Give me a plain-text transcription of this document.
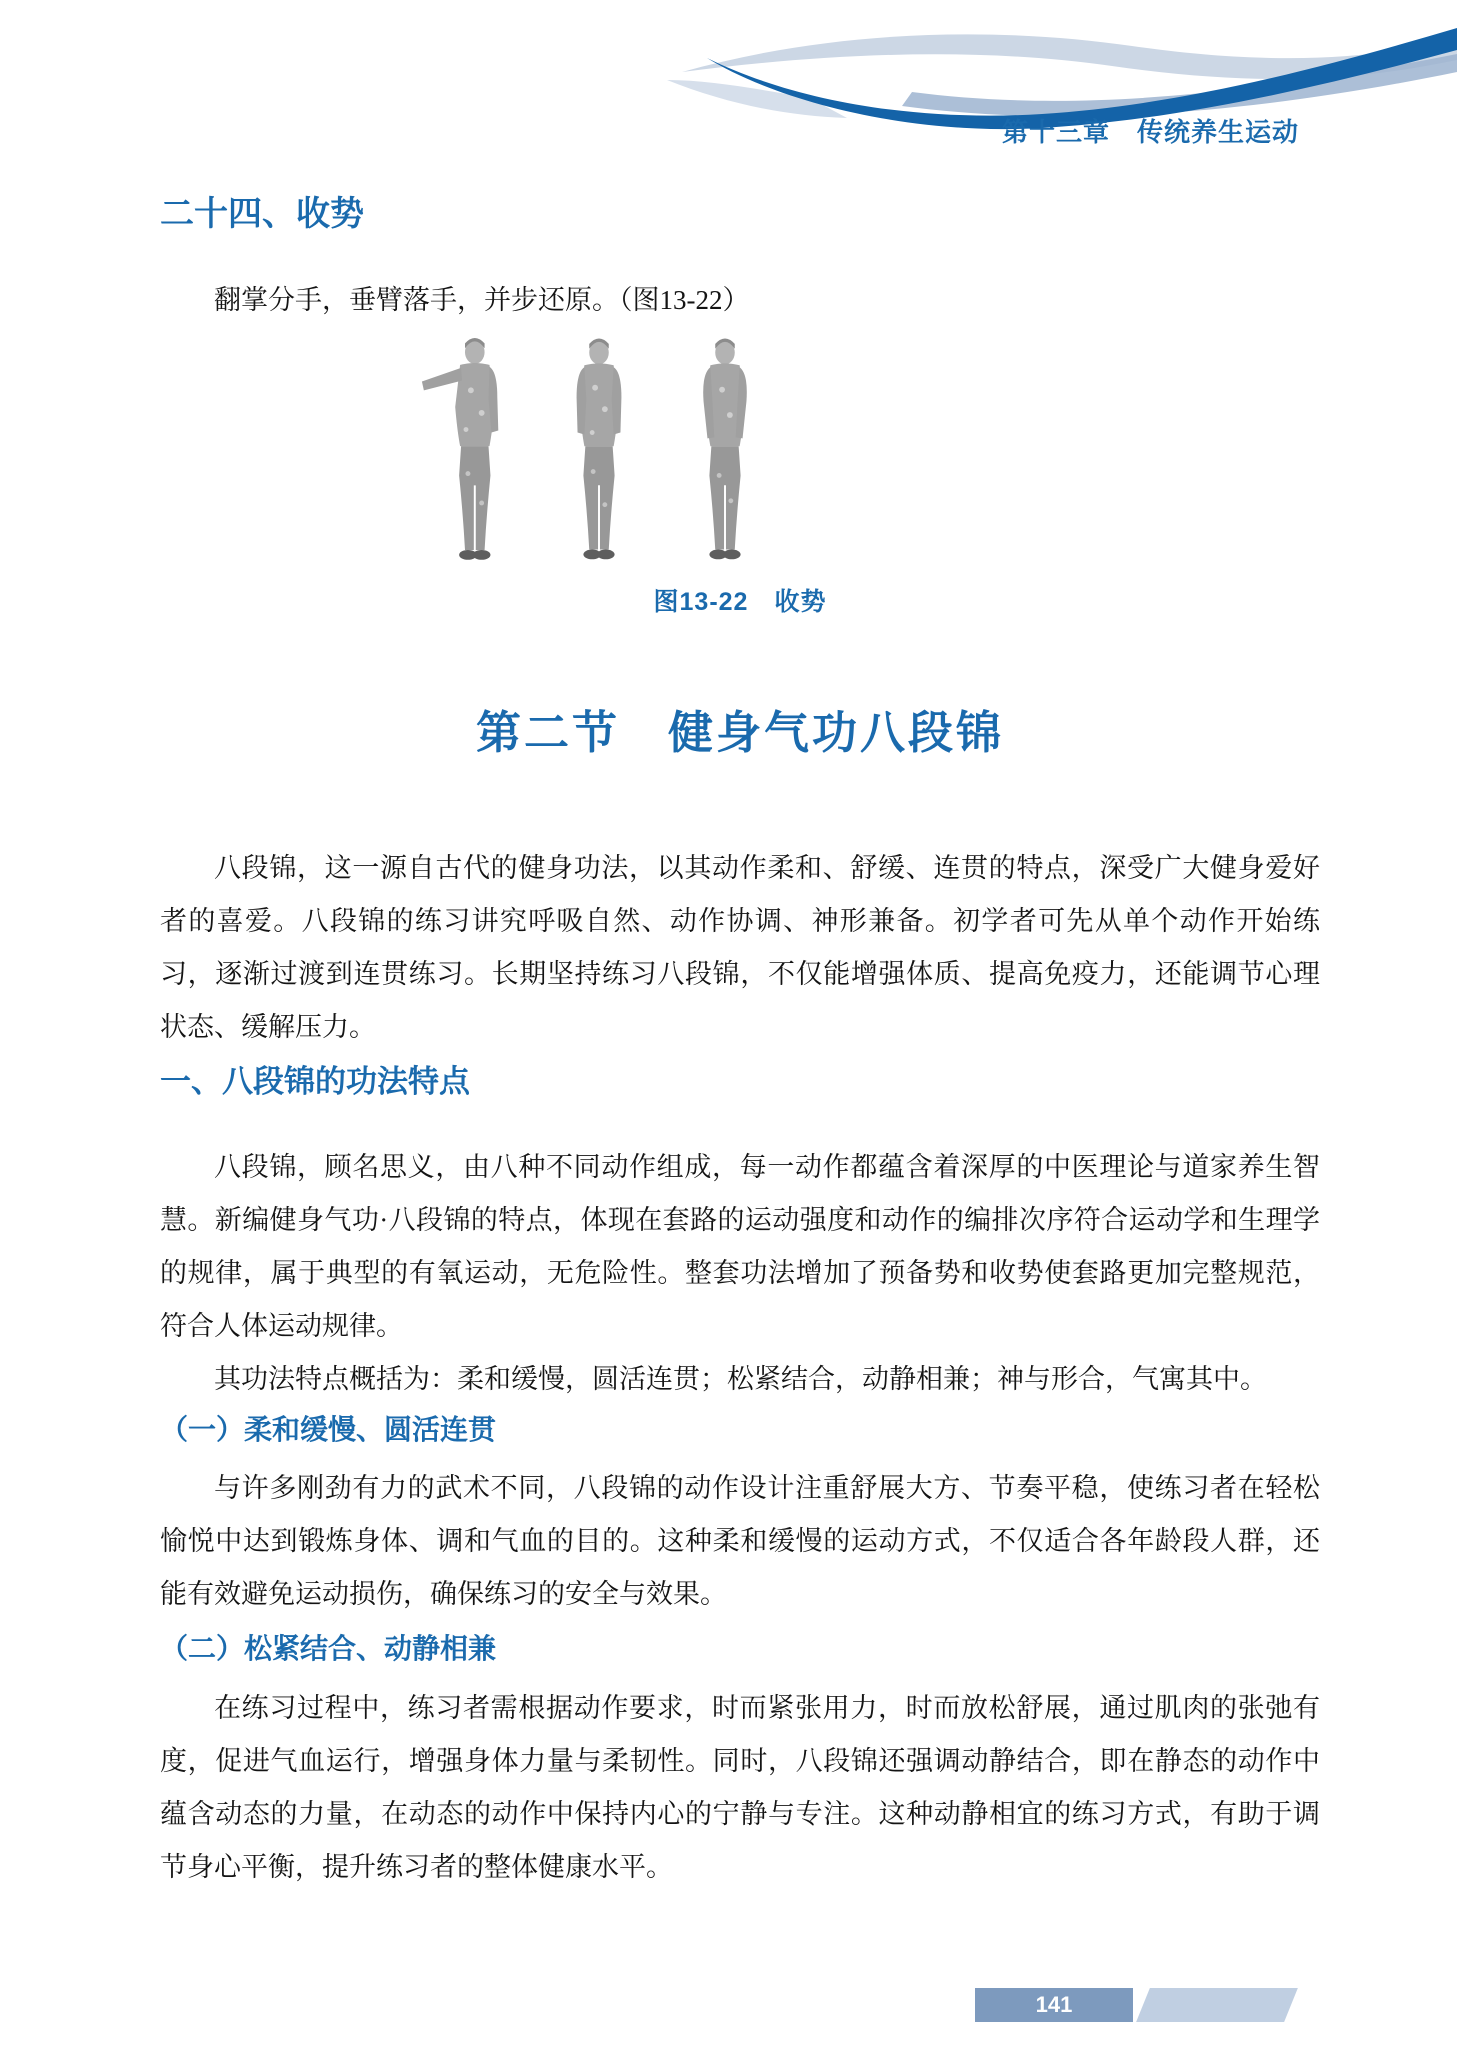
第十三章　传统养生运动
二十四、收势

翻掌分手，垂臂落手，并步还原。（图13-22）

图13-22　收势
第二节　健身气功八段锦

八段锦，这一源自古代的健身功法，以其动作柔和、舒缓、连贯的特点，深受广大健身爱好者的喜爱。八段锦的练习讲究呼吸自然、动作协调、神形兼备。初学者可先从单个动作开始练习，逐渐过渡到连贯练习。长期坚持练习八段锦，不仅能增强体质、提高免疫力，还能调节心理状态、缓解压力。

一、八段锦的功法特点

八段锦，顾名思义，由八种不同动作组成，每一动作都蕴含着深厚的中医理论与道家养生智慧。新编健身气功·八段锦的特点，体现在套路的运动强度和动作的编排次序符合运动学和生理学的规律，属于典型的有氧运动，无危险性。整套功法增加了预备势和收势使套路更加完整规范，符合人体运动规律。

其功法特点概括为：柔和缓慢，圆活连贯；松紧结合，动静相兼；神与形合，气寓其中。

（一）柔和缓慢、圆活连贯

与许多刚劲有力的武术不同，八段锦的动作设计注重舒展大方、节奏平稳，使练习者在轻松愉悦中达到锻炼身体、调和气血的目的。这种柔和缓慢的运动方式，不仅适合各年龄段人群，还能有效避免运动损伤，确保练习的安全与效果。

（二）松紧结合、动静相兼

在练习过程中，练习者需根据动作要求，时而紧张用力，时而放松舒展，通过肌肉的张弛有度，促进气血运行，增强身体力量与柔韧性。同时，八段锦还强调动静结合，即在静态的动作中蕴含动态的力量，在动态的动作中保持内心的宁静与专注。这种动静相宜的练习方式，有助于调节身心平衡，提升练习者的整体健康水平。

141
